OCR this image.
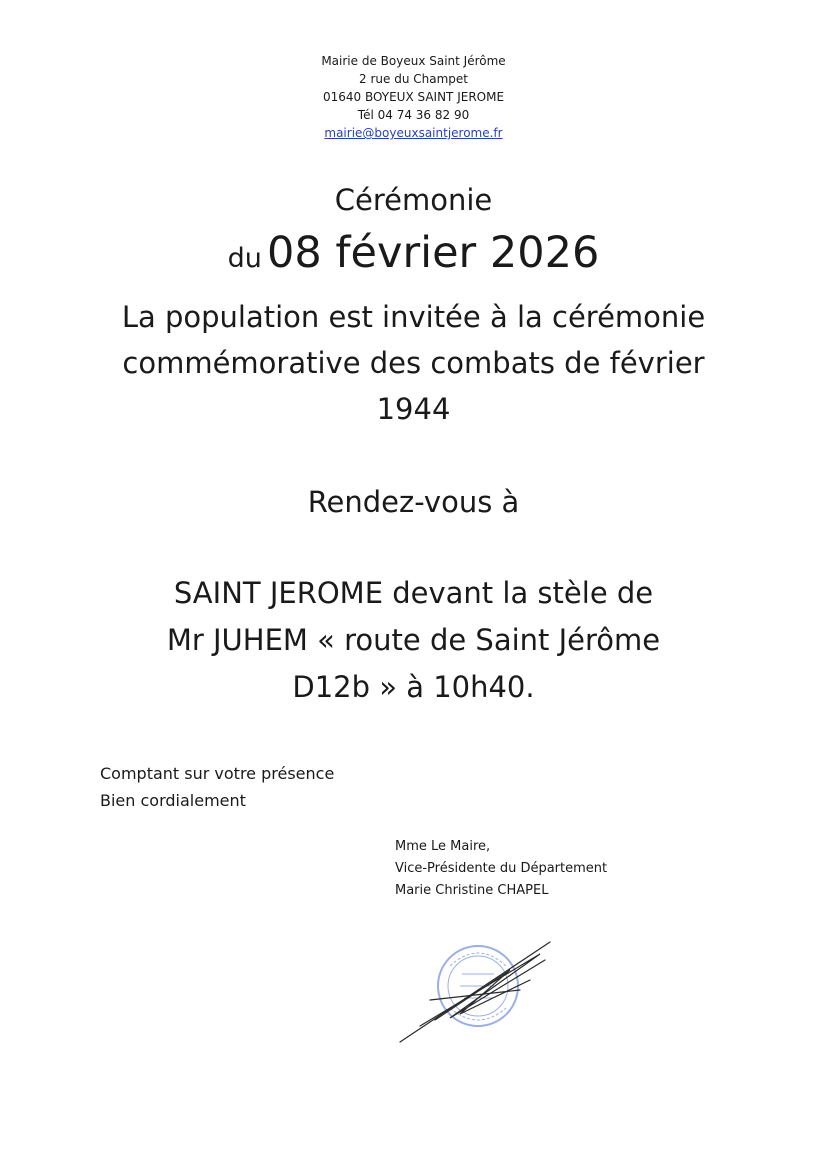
Mairie de Boyeux Saint Jérôme
2 rue du Champet
01640 BOYEUX SAINT JEROME
Tél 04 74 36 82 90
mairie@boyeuxsaintjerome.fr
Cérémonie
du 08 février 2026
La population est invitée à la cérémonie
commémorative des combats de février
1944
Rendez-vous à
SAINT JEROME devant la stèle de
Mr JUHEM « route de Saint Jérôme
D12b » à 10h40.
Comptant sur votre présence
Bien cordialement
Mme Le Maire,
Vice-Présidente du Département
Marie Christine CHAPEL
